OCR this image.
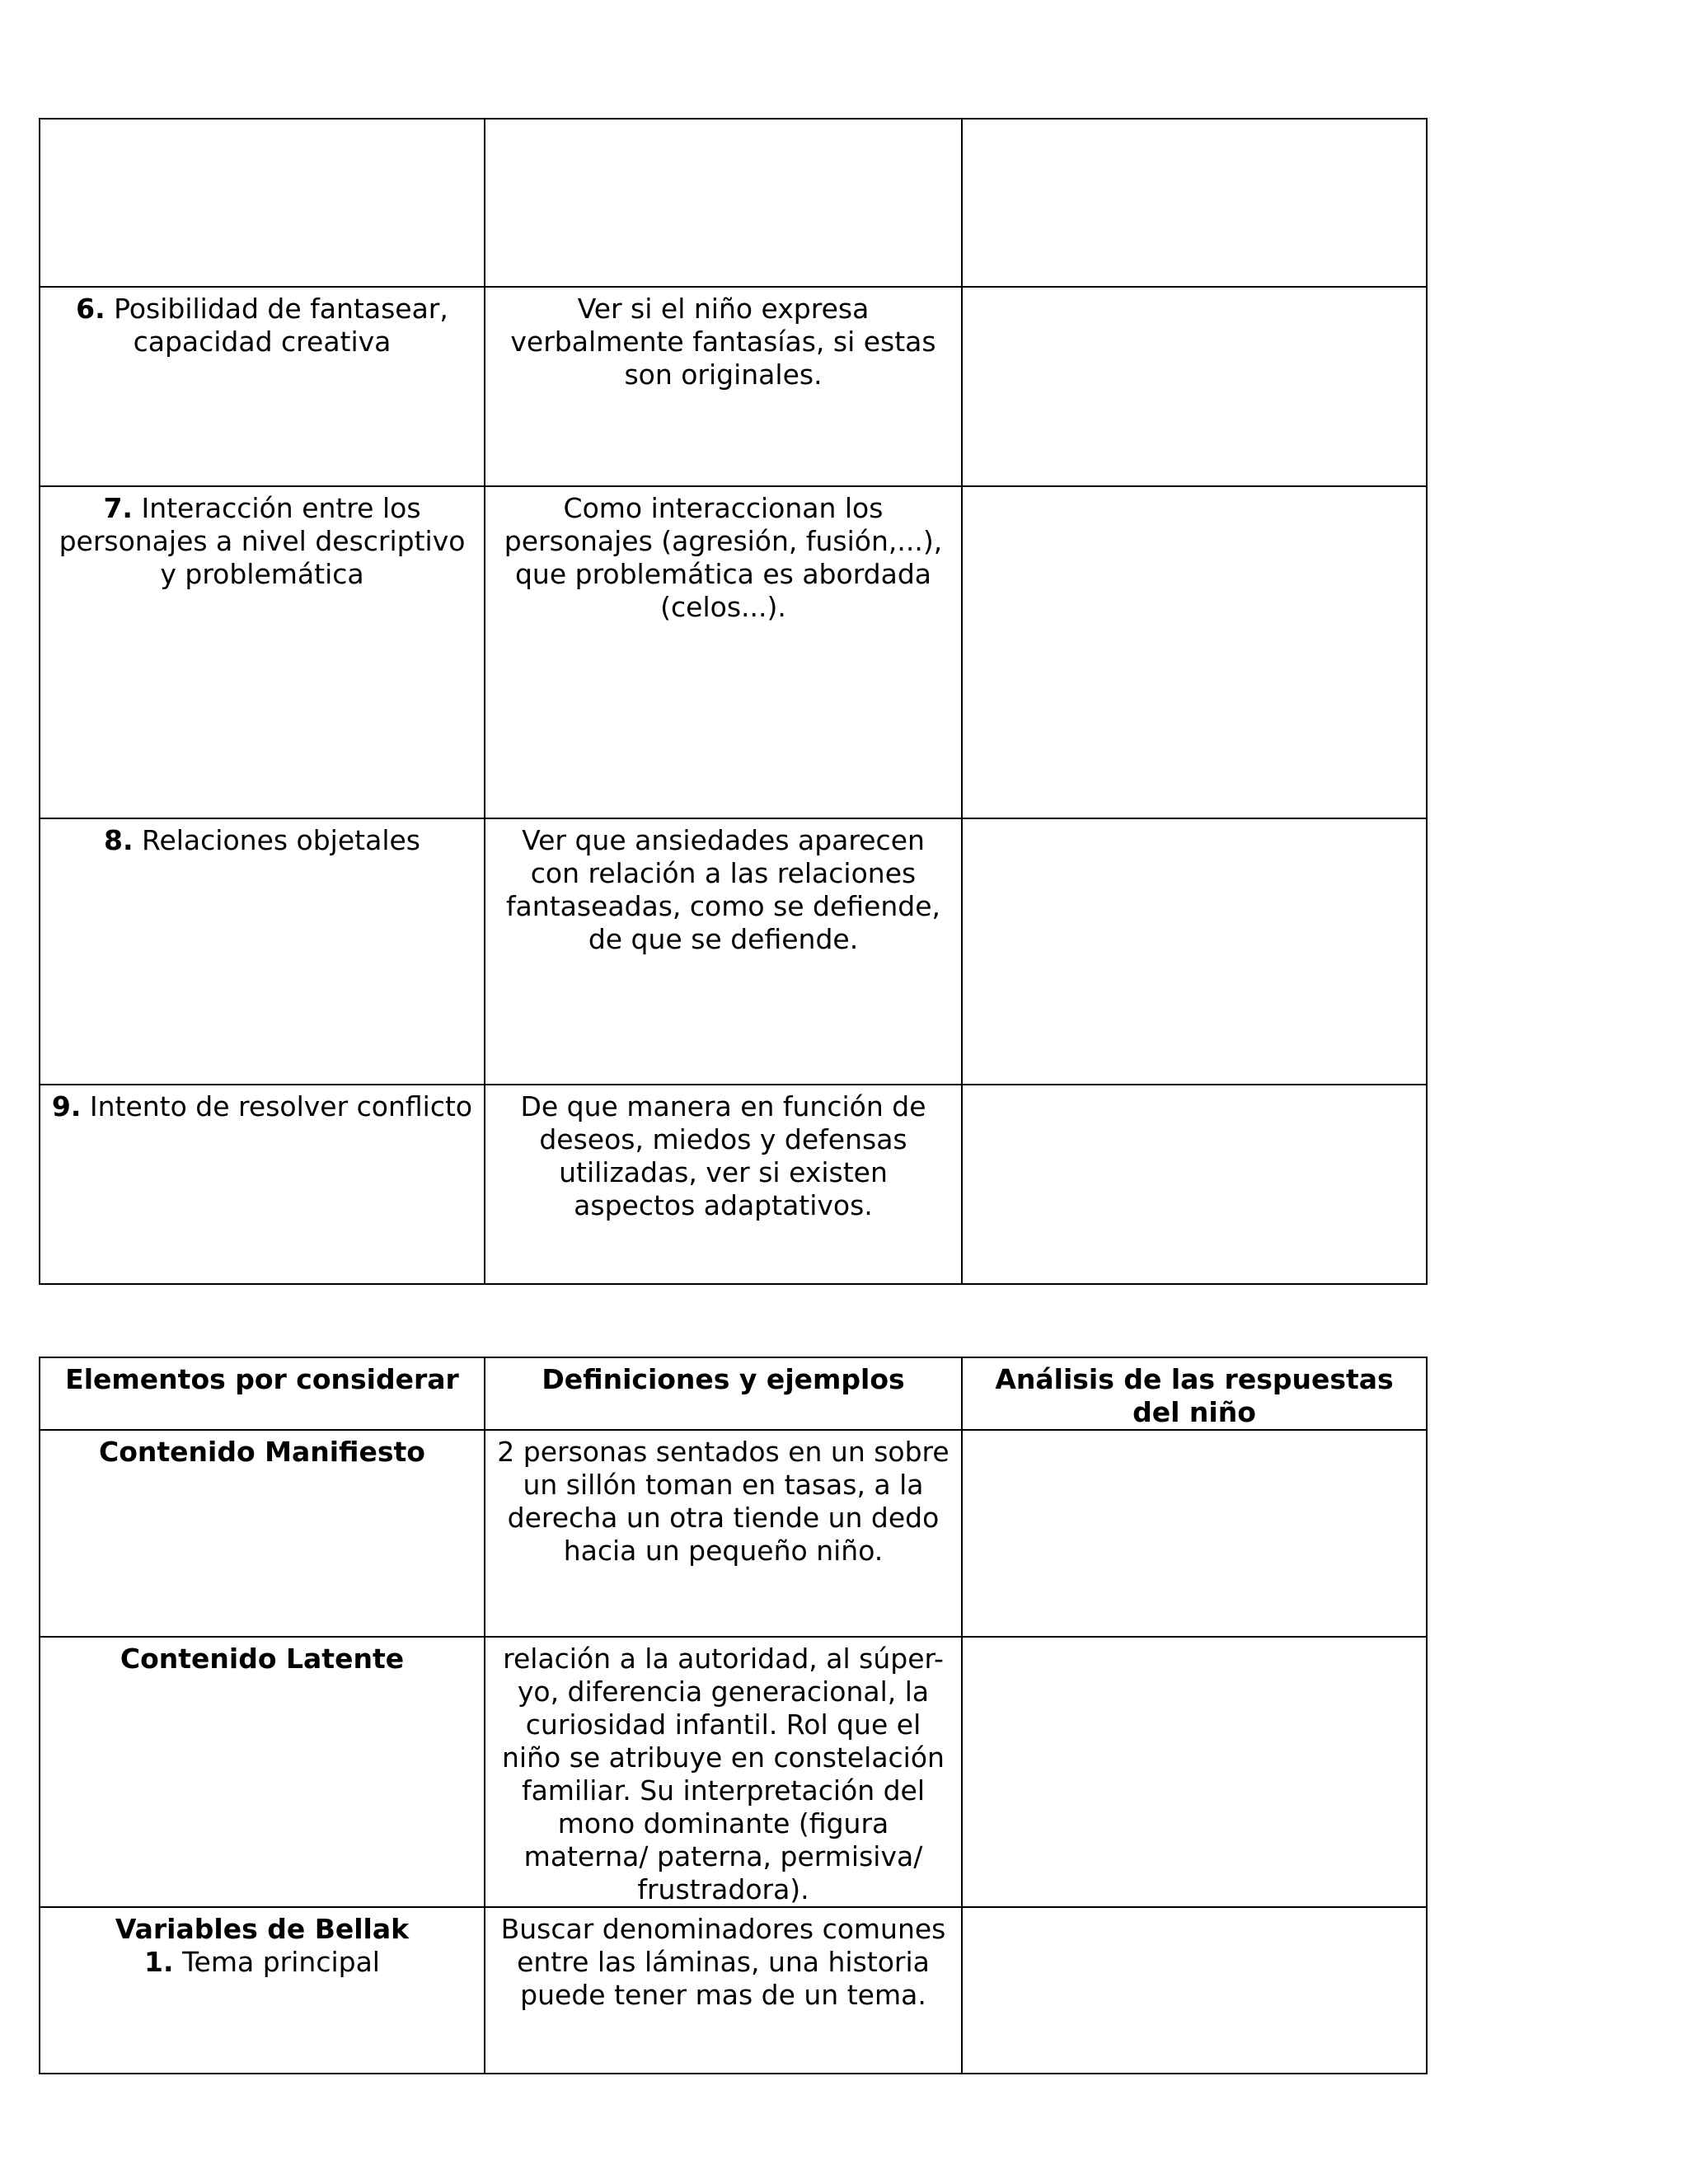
6. Posibilidad de fantasear, capacidad creativa	Ver si el niño expresa verbalmente fantasías, si estas son originales.	
7. Interacción entre los personajes a nivel descriptivo y problemática	Como interaccionan los personajes (agresión, fusión,...), que problemática es abordada (celos...).	
8. Relaciones objetales	Ver que ansiedades aparecen con relación a las relaciones fantaseadas, como se defiende, de que se defiende.	
9. Intento de resolver conflicto	De que manera en función de deseos, miedos y defensas utilizadas, ver si existen aspectos adaptativos.	
Elementos por considerar	Definiciones y ejemplos	Análisis de las respuestas del niño
Contenido Manifiesto	2 personas sentados en un sobre un sillón toman en tasas, a la derecha un otra tiende un dedo hacia un pequeño niño.	
Contenido Latente	relación a la autoridad, al súper-yo, diferencia generacional, la curiosidad infantil. Rol que el niño se atribuye en constelación familiar. Su interpretación del mono dominante (figura materna/ paterna, permisiva/ frustradora).	

Variables de Bellak
1. Tema principal	Buscar denominadores comunes entre las láminas, una historia puede tener mas de un tema.	
